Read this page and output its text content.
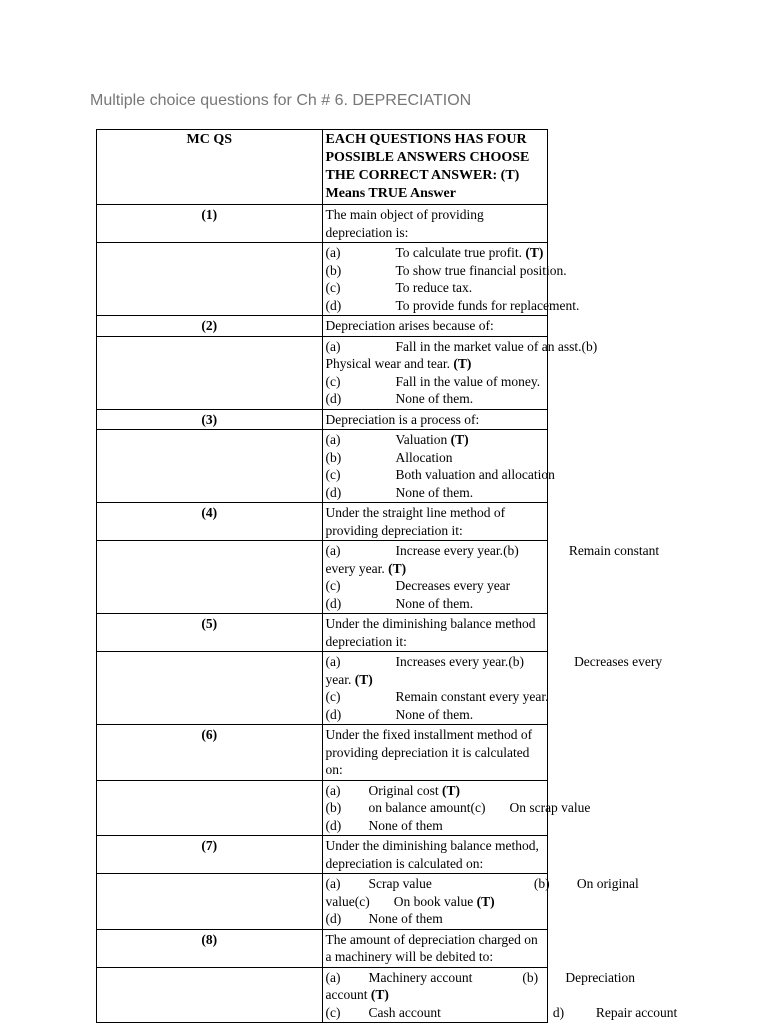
Multiple choice questions for Ch # 6. DEPRECIATION
MC QS	EACH QUESTIONS HAS FOUR POSSIBLE ANSWERS CHOOSE THE CORRECT ANSWER: (T) Means TRUE Answer
(1)	The main object of providing depreciation is:

	(a) To calculate true profit. (T)
(b) To show true financial position.
(c) To reduce tax.
(d) To provide funds for replacement.

(2)	Depreciation arises because of:

	(a) Fall in the market value of an asst.(b)
Physical wear and tear. (T)
(c) Fall in the value of money.
(d) None of them.

(3)	Depreciation is a process of:

	(a) Valuation (T)
(b) Allocation
(c) Both valuation and allocation
(d) None of them.

(4)	Under the straight line method of providing depreciation it:

	(a) Increase every year.(b) Remain constant
every year. (T)
(c) Decreases every year
(d) None of them.

(5)	Under the diminishing balance method depreciation it:

	(a) Increases every year.(b) Decreases every
year. (T)
(c) Remain constant every year.
(d) None of them.

(6)	Under the fixed installment method of providing depreciation it is calculated on:

	(a) Original cost (T)
(b) on balance amount(c) On scrap value
(d) None of them

(7)	Under the diminishing balance method, depreciation is calculated on:

	(a) Scrap value (b) On original
value(c) On book value (T)
(d) None of them

(8)	The amount of depreciation charged on a machinery will be debited to:

	(a) Machinery account (b) Depreciation
account (T)
(c) Cash account d) Repair account
